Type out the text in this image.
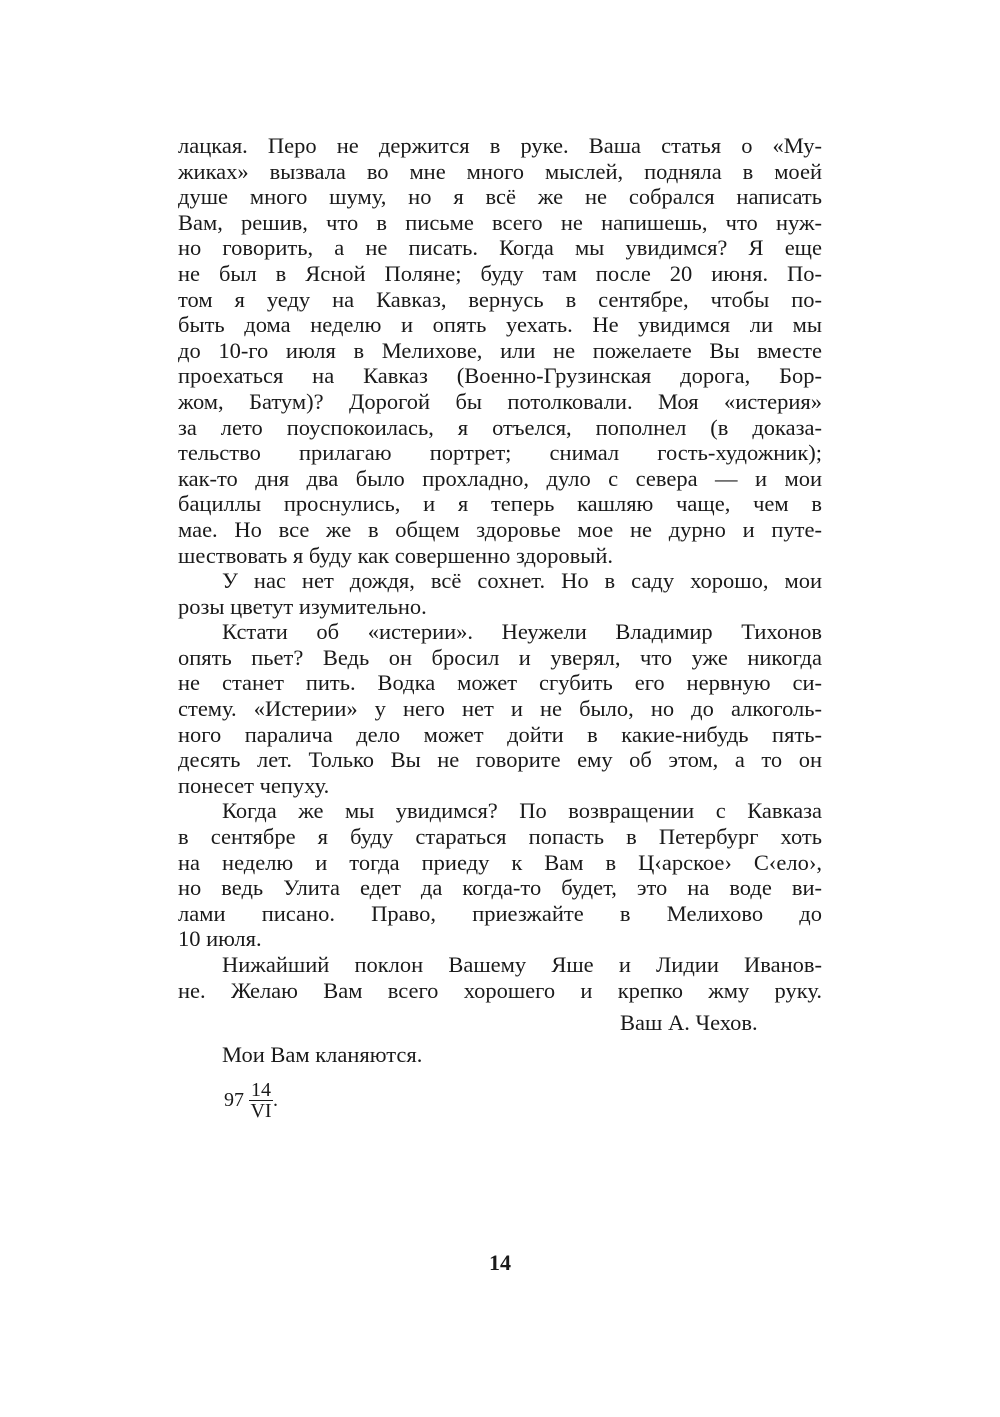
лацкая. Перо не держится в руке. Ваша статья о «Му-
жиках» вызвала во мне много мыслей, подняла в моей
душе много шуму, но я всё же не собрался написать
Вам, решив, что в письме всего не напишешь, что нуж-
но говорить, а не писать. Когда мы увидимся? Я еще
не был в Ясной Поляне; буду там после 20 июня. По-
том я уеду на Кавказ, вернусь в сентябре, чтобы по-
быть дома неделю и опять уехать. Не увидимся ли мы
до 10-го июля в Мелихове, или не пожелаете Вы вместе
проехаться на Кавказ (Военно-Грузинская дорога, Бор-
жом, Батум)? Дорогой бы потолковали. Моя «истерия»
за лето поуспокоилась, я отъелся, пополнел (в доказа-
тельство прилагаю портрет; снимал гость-художник);
как-то дня два было прохладно, дуло с севера — и мои
бациллы проснулись, и я теперь кашляю чаще, чем в
мае. Но все же в общем здоровье мое не дурно и путе-
шествовать я буду как совершенно здоровый.
У нас нет дождя, всё сохнет. Но в саду хорошо, мои
розы цветут изумительно.
Кстати об «истерии». Неужели Владимир Тихонов
опять пьет? Ведь он бросил и уверял, что уже никогда
не станет пить. Водка может сгубить его нервную си-
стему. «Истерии» у него нет и не было, но до алкоголь-
ного паралича дело может дойти в какие-нибудь пять-
десять лет. Только Вы не говорите ему об этом, а то он
понесет чепуху.
Когда же мы увидимся? По возвращении с Кавказа
в сентябре я буду стараться попасть в Петербург хоть
на неделю и тогда приеду к Вам в Ц‹арское› С‹ело›,
но ведь Улита едет да когда-то будет, это на воде ви-
лами писано. Право, приезжайте в Мелихово до
10 июля.
Нижайший поклон Вашему Яше и Лидии Иванов-
не. Желаю Вам всего хорошего и крепко жму руку.
Ваш А. Чехов.
Мои Вам кланяются.
$97 \frac{14}{VI}$ .
14
